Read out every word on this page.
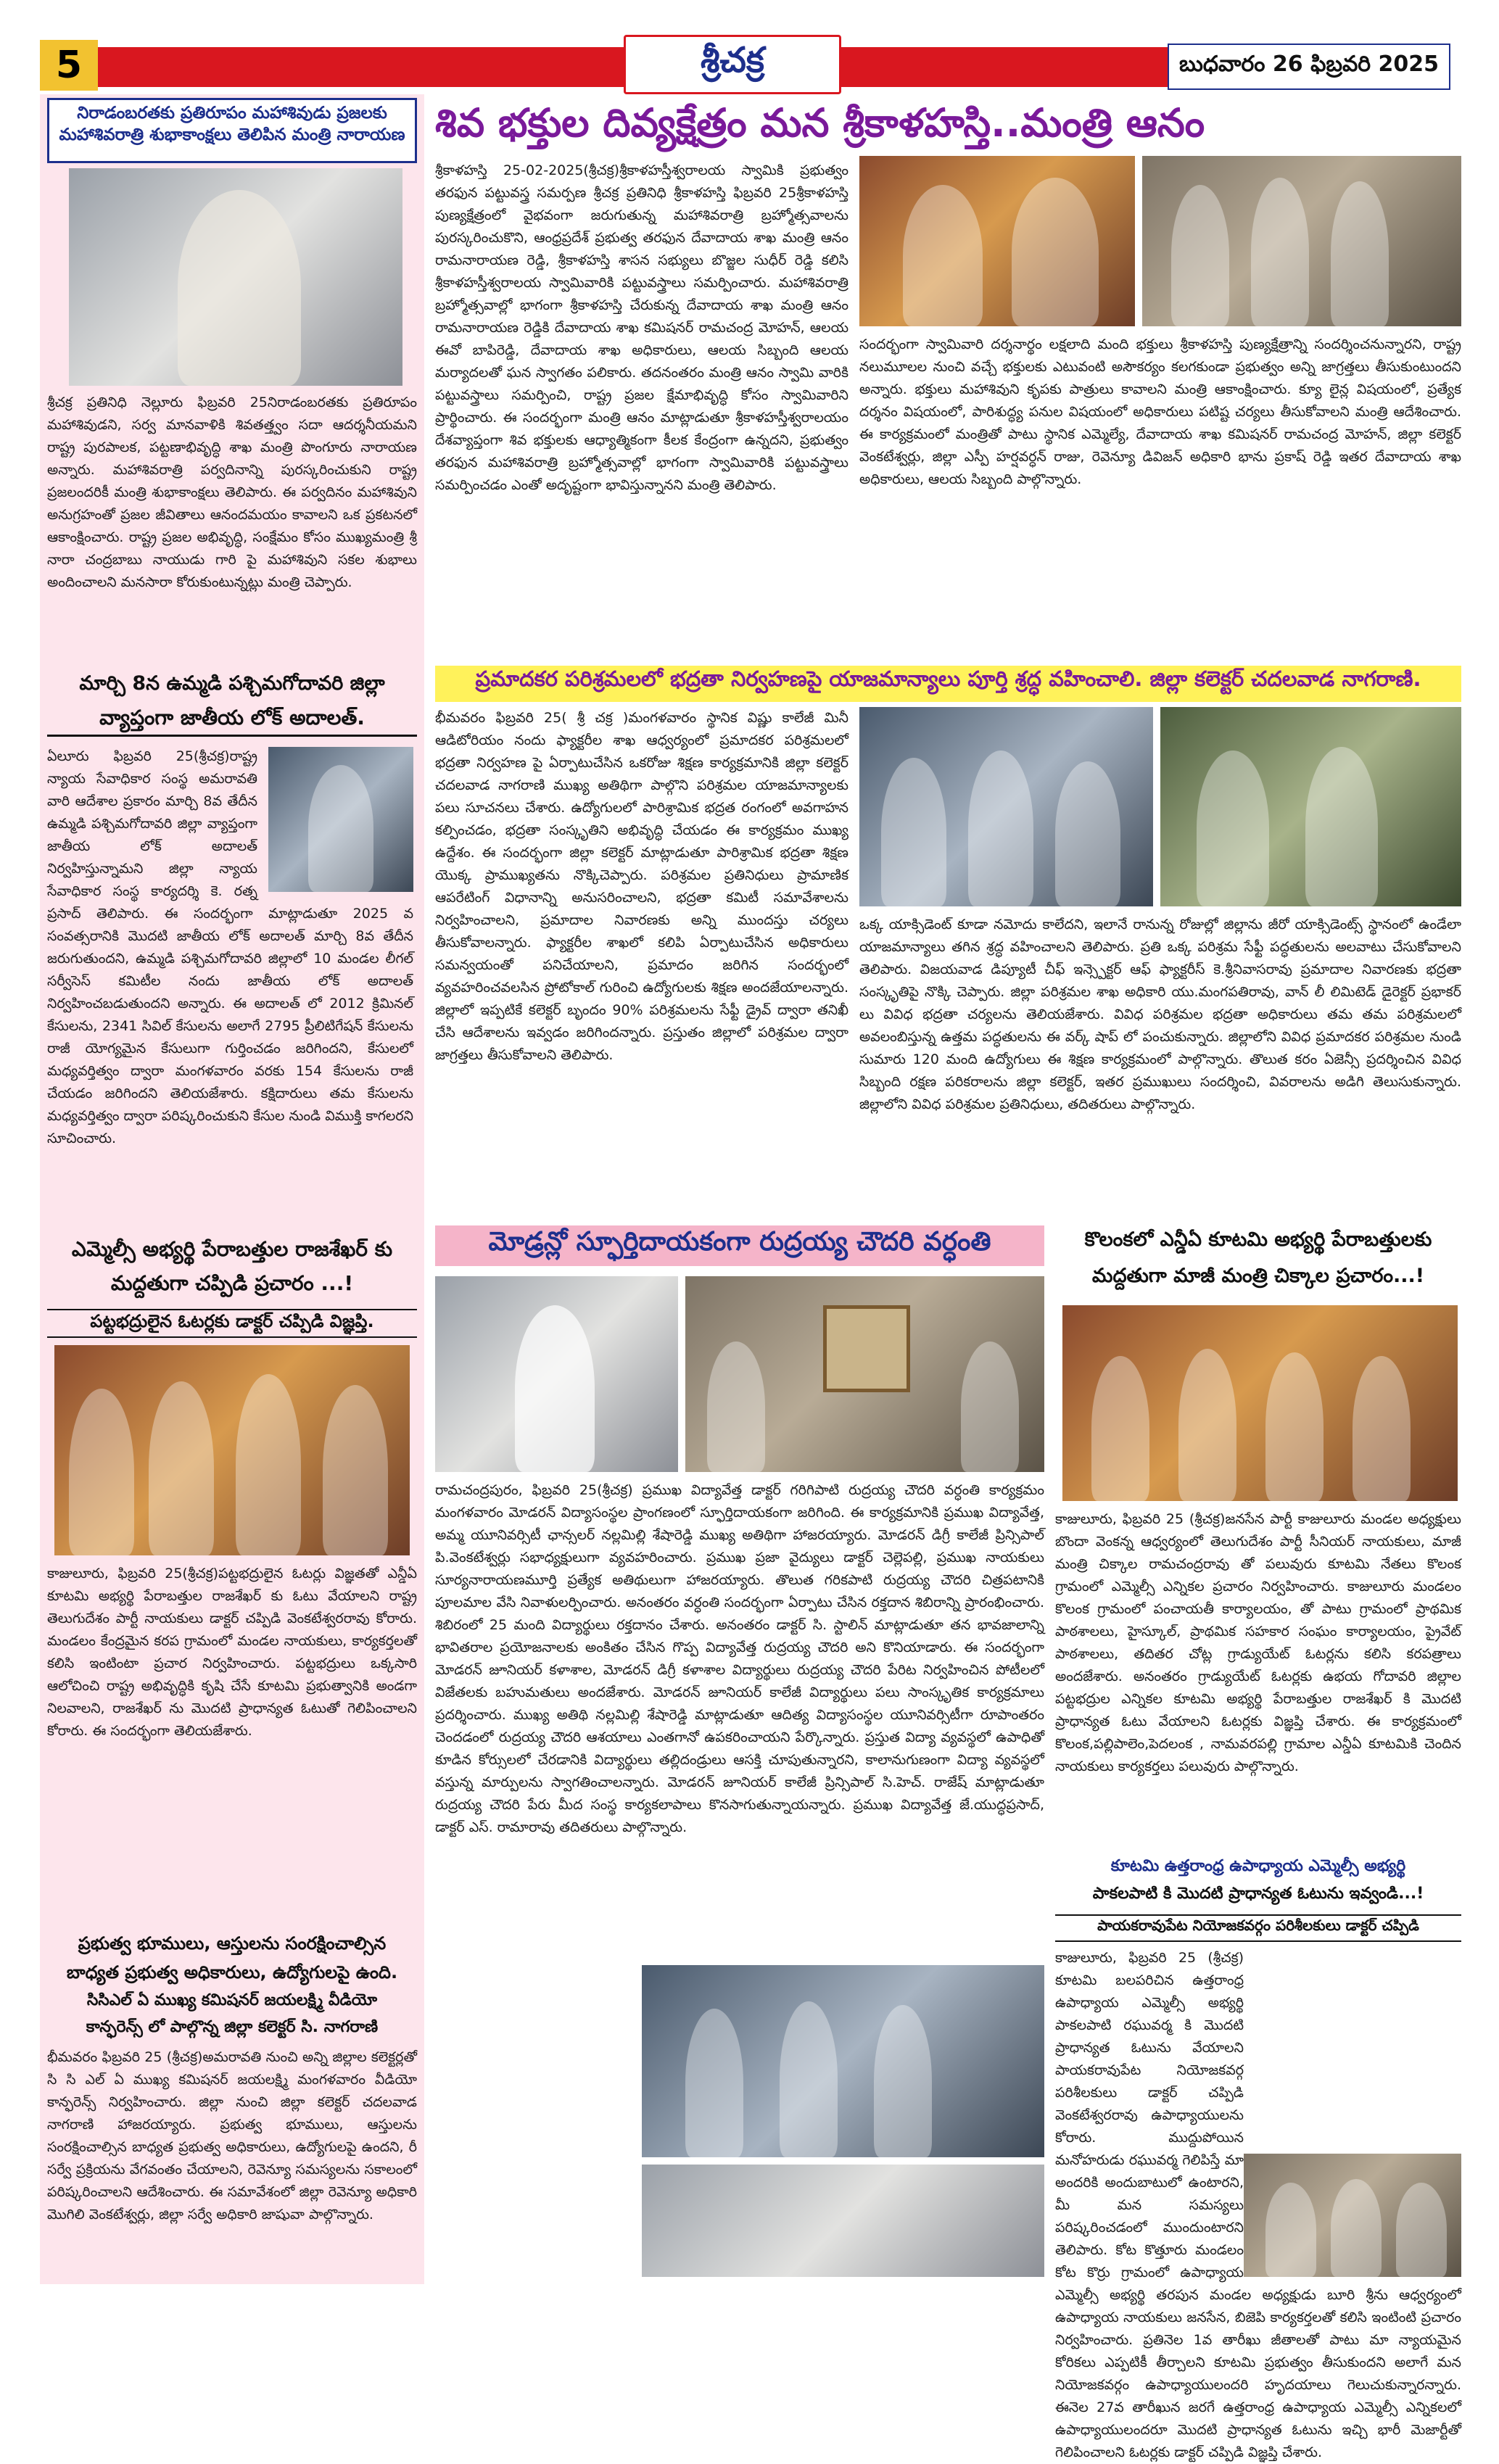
5	శ్రీచక్ర	బుధవారం 26 ఫిబ్రవరి 2025
నిరాడంబరతకు ప్రతిరూపం మహాశివుడు ప్రజలకు మహాశివరాత్రి శుభాకాంక్షలు తెలిపిన మంత్రి నారాయణ
శ్రీచక్ర ప్రతినిధి నెల్లూరు ఫిబ్రవరి 25నిరాడంబరతకు ప్రతిరూపం మహాశివుడని, సర్వ మానవాళికి శివతత్త్వం సదా ఆదర్శనీయమని రాష్ట్ర పురపాలక, పట్టణాభివృద్ధి శాఖ మంత్రి పొంగూరు నారాయణ అన్నారు. మహాశివరాత్రి పర్వదినాన్ని పురస్కరించుకుని రాష్ట్ర ప్రజలందరికీ మంత్రి శుభాకాంక్షలు తెలిపారు. ఈ పర్వదినం మహాశివుని అనుగ్రహంతో ప్రజల జీవితాలు ఆనందమయం కావాలని ఒక ప్రకటనలో ఆకాంక్షించారు. రాష్ట్ర ప్రజల అభివృద్ధి, సంక్షేమం కోసం ముఖ్యమంత్రి శ్రీ నారా చంద్రబాబు నాయుడు గారి పై మహాశివుని సకల శుభాలు అందించాలని మనసారా కోరుకుంటున్నట్లు మంత్రి చెప్పారు.
మార్చి 8న ఉమ్మడి పశ్చిమగోదావరి జిల్లా
వ్యాప్తంగా జాతీయ లోక్ అదాలత్.
ఏలూరు ఫిబ్రవరి 25(శ్రీచక్ర)రాష్ట్ర న్యాయ సేవాధికార సంస్థ అమరావతి వారి ఆదేశాల ప్రకారం మార్చి 8వ తేదీన ఉమ్మడి పశ్చిమగోదావరి జిల్లా వ్యాప్తంగా జాతీయ లోక్ అదాలత్ నిర్వహిస్తున్నామని జిల్లా న్యాయ సేవాధికార సంస్థ కార్యదర్శి కె. రత్న ప్రసాద్ తెలిపారు. ఈ సందర్భంగా మాట్లాడుతూ 2025 వ సంవత్సరానికి మొదటి జాతీయ లోక్ అదాలత్ మార్చి 8వ తేదీన జరుగుతుందని, ఉమ్మడి పశ్చిమగోదావరి జిల్లాలో 10 మండల లీగల్ సర్వీసెస్ కమిటీల నందు జాతీయ లోక్ అదాలత్ నిర్వహించబడుతుందని అన్నారు. ఈ అదాలత్ లో 2012 క్రిమినల్ కేసులను, 2341 సివిల్ కేసులను అలాగే 2795 ప్రీలిటిగేషన్ కేసులను రాజీ యోగ్యమైన కేసులుగా గుర్తించడం జరిగిందని, కేసులలో మధ్యవర్తిత్వం ద్వారా మంగళవారం వరకు 154 కేసులను రాజీ చేయడం జరిగిందని తెలియజేశారు. కక్షిదారులు తమ కేసులను మధ్యవర్తిత్వం ద్వారా పరిష్కరించుకుని కేసుల నుండి విముక్తి కాగలరని సూచించారు.
ఎమ్మెల్సీ అభ్యర్థి పేరాబత్తుల రాజశేఖర్ కు
మద్దతుగా చప్పిడి ప్రచారం ...!
పట్టభద్రులైన ఓటర్లకు డాక్టర్ చప్పిడి విజ్ఞప్తి.
కాజులూరు, ఫిబ్రవరి 25(శ్రీచక్ర)పట్టభద్రులైన ఓటర్లు విజ్ఞతతో ఎన్డీఏ కూటమి అభ్యర్థి పేరాబత్తుల రాజశేఖర్ కు ఓటు వేయాలని రాష్ట్ర తెలుగుదేశం పార్టీ నాయకులు డాక్టర్ చప్పిడి వెంకటేశ్వరరావు కోరారు. మండలం కేంద్రమైన కరప గ్రామంలో మండల నాయకులు, కార్యకర్తలతో కలిసి ఇంటింటా ప్రచార నిర్వహించారు. పట్టభద్రులు ఒక్కసారి ఆలోచించి రాష్ట్ర అభివృద్ధికి కృషి చేసే కూటమి ప్రభుత్వానికి అండగా నిలవాలని, రాజశేఖర్ ను మొదటి ప్రాధాన్యత ఓటుతో గెలిపించాలని కోరారు. ఈ సందర్భంగా తెలియజేశారు.
ప్రభుత్వ భూములు, ఆస్తులను సంరక్షించాల్సిన
బాధ్యత ప్రభుత్వ అధికారులు, ఉద్యోగులపై ఉంది.
సిసిఎల్ ఏ ముఖ్య కమిషనర్ జయలక్ష్మి వీడియో
కాన్ఫరెన్స్ లో పాల్గొన్న జిల్లా కలెక్టర్ సి. నాగరాణి
భీమవరం ఫిబ్రవరి 25 (శ్రీచక్ర)అమరావతి నుంచి అన్ని జిల్లాల కలెక్టర్లతో సి సి ఎల్ ఏ ముఖ్య కమిషనర్ జయలక్ష్మి మంగళవారం వీడియో కాన్ఫరెన్స్ నిర్వహించారు. జిల్లా నుంచి జిల్లా కలెక్టర్ చదలవాడ నాగరాణి హాజరయ్యారు. ప్రభుత్వ భూములు, ఆస్తులను సంరక్షించాల్సిన బాధ్యత ప్రభుత్వ అధికారులు, ఉద్యోగులపై ఉందని, రీ సర్వే ప్రక్రియను వేగవంతం చేయాలని, రెవెన్యూ సమస్యలను సకాలంలో పరిష్కరించాలని ఆదేశించారు. ఈ సమావేశంలో జిల్లా రెవెన్యూ అధికారి మొగిలి వెంకటేశ్వర్లు, జిల్లా సర్వే అధికారి జాషువా పాల్గొన్నారు.
శివ భక్తుల దివ్యక్షేత్రం మన శ్రీకాళహస్తి..మంత్రి ఆనం
శ్రీకాళహస్తి 25-02-2025(శ్రీచక్ర)శ్రీకాళహస్తీశ్వరాలయ స్వామికి ప్రభుత్వం తరఫున పట్టువస్త్ర సమర్పణ శ్రీచక్ర ప్రతినిధి శ్రీకాళహస్తి ఫిబ్రవరి 25శ్రీకాళహస్తి పుణ్యక్షేత్రంలో వైభవంగా జరుగుతున్న మహాశివరాత్రి బ్రహ్మోత్సవాలను పురస్కరించుకొని, ఆంధ్రప్రదేశ్ ప్రభుత్వ తరఫున దేవాదాయ శాఖ మంత్రి ఆనం రామనారాయణ రెడ్డి, శ్రీకాళహస్తి శాసన సభ్యులు బొజ్జల సుధీర్ రెడ్డి కలిసి శ్రీకాళహస్తీశ్వరాలయ స్వామివారికి పట్టువస్త్రాలు సమర్పించారు. మహాశివరాత్రి బ్రహ్మోత్సవాల్లో భాగంగా శ్రీకాళహస్తి చేరుకున్న దేవాదాయ శాఖ మంత్రి ఆనం రామనారాయణ రెడ్డికి దేవాదాయ శాఖ కమిషనర్ రామచంద్ర మోహన్, ఆలయ ఈవో బాపిరెడ్డి, దేవాదాయ శాఖ అధికారులు, ఆలయ సిబ్బంది ఆలయ మర్యాదలతో ఘన స్వాగతం పలికారు. తదనంతరం మంత్రి ఆనం స్వామి వారికి పట్టువస్త్రాలు సమర్పించి, రాష్ట్ర ప్రజల క్షేమాభివృద్ధి కోసం స్వామివారిని ప్రార్థించారు. ఈ సందర్భంగా మంత్రి ఆనం మాట్లాడుతూ శ్రీకాళహస్తీశ్వరాలయం దేశవ్యాప్తంగా శివ భక్తులకు ఆధ్యాత్మికంగా కీలక కేంద్రంగా ఉన్నదని, ప్రభుత్వం తరఫున మహాశివరాత్రి బ్రహ్మోత్సవాల్లో భాగంగా స్వామివారికి పట్టువస్త్రాలు సమర్పించడం ఎంతో అదృష్టంగా భావిస్తున్నానని మంత్రి తెలిపారు.
సందర్భంగా స్వామివారి దర్శనార్థం లక్షలాది మంది భక్తులు శ్రీకాళహస్తి పుణ్యక్షేత్రాన్ని సందర్శించనున్నారని, రాష్ట్ర నలుమూలల నుంచి వచ్చే భక్తులకు ఎటువంటి అసౌకర్యం కలగకుండా ప్రభుత్వం అన్ని జాగ్రత్తలు తీసుకుంటుందని అన్నారు. భక్తులు మహాశివుని కృపకు పాత్రులు కావాలని మంత్రి ఆకాంక్షించారు. క్యూ లైన్ల విషయంలో, ప్రత్యేక దర్శనం విషయంలో, పారిశుద్ధ్య పనుల విషయంలో అధికారులు పటిష్ట చర్యలు తీసుకోవాలని మంత్రి ఆదేశించారు. ఈ కార్యక్రమంలో మంత్రితో పాటు స్థానిక ఎమ్మెల్యే, దేవాదాయ శాఖ కమిషనర్ రామచంద్ర మోహన్, జిల్లా కలెక్టర్ వెంకటేశ్వర్లు, జిల్లా ఎస్పీ హర్షవర్ధన్ రాజు, రెవెన్యూ డివిజన్ అధికారి భాను ప్రకాష్ రెడ్డి ఇతర దేవాదాయ శాఖ అధికారులు, ఆలయ సిబ్బంది పాల్గొన్నారు.
ప్రమాదకర పరిశ్రమలలో భద్రతా నిర్వహణపై యాజమాన్యాలు పూర్తి శ్రద్ధ వహించాలి. జిల్లా కలెక్టర్ చదలవాడ నాగరాణి.
భీమవరం ఫిబ్రవరి 25( శ్రీ చక్ర )మంగళవారం స్థానిక విష్ణు కాలేజీ మినీ ఆడిటోరియం నందు ఫ్యాక్టరీల శాఖ ఆధ్వర్యంలో ప్రమాదకర పరిశ్రమలలో భద్రతా నిర్వహణ పై ఏర్పాటుచేసిన ఒకరోజు శిక్షణ కార్యక్రమానికి జిల్లా కలెక్టర్ చదలవాడ నాగరాణి ముఖ్య అతిథిగా పాల్గొని పరిశ్రమల యాజమాన్యాలకు పలు సూచనలు చేశారు. ఉద్యోగులలో పారిశ్రామిక భద్రత రంగంలో అవగాహన కల్పించడం, భద్రతా సంస్కృతిని అభివృద్ధి చేయడం ఈ కార్యక్రమం ముఖ్య ఉద్దేశం. ఈ సందర్భంగా జిల్లా కలెక్టర్ మాట్లాడుతూ పారిశ్రామిక భద్రతా శిక్షణ యొక్క ప్రాముఖ్యతను నొక్కిచెప్పారు. పరిశ్రమల ప్రతినిధులు ప్రామాణిక ఆపరేటింగ్ విధానాన్ని అనుసరించాలని, భద్రతా కమిటీ సమావేశాలను నిర్వహించాలని, ప్రమాదాల నివారణకు అన్ని ముందస్తు చర్యలు తీసుకోవాలన్నారు. ఫ్యాక్టరీల శాఖలో కలిపి ఏర్పాటుచేసిన అధికారులు సమన్వయంతో పనిచేయాలని, ప్రమాదం జరిగిన సందర్భంలో వ్యవహరించవలసిన ప్రోటోకాల్ గురించి ఉద్యోగులకు శిక్షణ అందజేయాలన్నారు. జిల్లాలో ఇప్పటికే కలెక్టర్ బృందం 90% పరిశ్రమలను సేఫ్టీ డ్రైవ్ ద్వారా తనిఖీ చేసి ఆదేశాలను ఇవ్వడం జరిగిందన్నారు. ప్రస్తుతం జిల్లాలో పరిశ్రమల ద్వారా జాగ్రత్తలు తీసుకోవాలని తెలిపారు.
ఒక్క యాక్సిడెంట్ కూడా నమోదు కాలేదని, ఇలానే రానున్న రోజుల్లో జిల్లాను జీరో యాక్సిడెంట్స్ స్థానంలో ఉండేలా యాజమాన్యాలు తగిన శ్రద్ధ వహించాలని తెలిపారు. ప్రతి ఒక్క పరిశ్రమ సేఫ్టీ పద్ధతులను అలవాటు చేసుకోవాలని తెలిపారు. విజయవాడ డిప్యూటీ చీఫ్ ఇన్స్పెక్టర్ ఆఫ్ ఫ్యాక్టరీస్ కె.శ్రీనివాసరావు ప్రమాదాల నివారణకు భద్రతా సంస్కృతిపై నొక్కి చెప్పారు. జిల్లా పరిశ్రమల శాఖ అధికారి యు.మంగపతిరావు, వాన్ లీ లిమిటెడ్ డైరెక్టర్ ప్రభాకర్ లు వివిధ భద్రతా చర్యలను తెలియజేశారు. వివిధ పరిశ్రమల భద్రతా అధికారులు తమ తమ పరిశ్రమలలో అవలంబిస్తున్న ఉత్తమ పద్ధతులను ఈ వర్క్ షాప్ లో పంచుకున్నారు. జిల్లాలోని వివిధ ప్రమాదకర పరిశ్రమల నుండి సుమారు 120 మంది ఉద్యోగులు ఈ శిక్షణ కార్యక్రమంలో పాల్గొన్నారు. తొలుత కరం ఏజెన్సీ ప్రదర్శించిన వివిధ సిబ్బంది రక్షణ పరికరాలను జిల్లా కలెక్టర్, ఇతర ప్రముఖులు సందర్శించి, వివరాలను అడిగి తెలుసుకున్నారు. జిల్లాలోని వివిధ పరిశ్రమల ప్రతినిధులు, తదితరులు పాల్గొన్నారు.
మోడ్రన్లో స్ఫూర్తిదాయకంగా రుద్రయ్య చౌదరి వర్ధంతి
రామచంద్రపురం, ఫిబ్రవరి 25(శ్రీచక్ర) ప్రముఖ విద్యావేత్త డాక్టర్ గరిగిపాటి రుద్రయ్య చౌదరి వర్ధంతి కార్యక్రమం మంగళవారం మోడరన్ విద్యాసంస్థల ప్రాంగణంలో స్ఫూర్తిదాయకంగా జరిగింది. ఈ కార్యక్రమానికి ప్రముఖ విద్యావేత్త, అమ్మ యూనివర్సిటీ ఛాన్సలర్ నల్లమిల్లి శేషారెడ్డి ముఖ్య అతిథిగా హాజరయ్యారు. మోడరన్ డిగ్రీ కాలేజీ ప్రిన్సిపాల్ పి.వెంకటేశ్వర్లు సభాధ్యక్షులుగా వ్యవహరించారు. ప్రముఖ ప్రజా వైద్యులు డాక్టర్ చెల్లెపల్లి, ప్రముఖ నాయకులు సూర్యనారాయణమూర్తి ప్రత్యేక అతిథులుగా హాజరయ్యారు. తొలుత గరికపాటి రుద్రయ్య చౌదరి చిత్రపటానికి పూలమాల వేసి నివాళులర్పించారు. అనంతరం వర్ధంతి సందర్భంగా ఏర్పాటు చేసిన రక్తదాన శిబిరాన్ని ప్రారంభించారు. శిబిరంలో 25 మంది విద్యార్థులు రక్తదానం చేశారు. అనంతరం డాక్టర్ సి. స్టాలిన్ మాట్లాడుతూ తన భావజాలాన్ని భావితరాల ప్రయోజనాలకు అంకితం చేసిన గొప్ప విద్యావేత్త రుద్రయ్య చౌదరి అని కొనియాడారు. ఈ సందర్భంగా మోడరన్ జూనియర్ కళాశాల, మోడరన్ డిగ్రీ కళాశాల విద్యార్థులు రుద్రయ్య చౌదరి పేరిట నిర్వహించిన పోటీలలో విజేతలకు బహుమతులు అందజేశారు. మోడరన్ జూనియర్ కాలేజీ విద్యార్థులు పలు సాంస్కృతిక కార్యక్రమాలు ప్రదర్శించారు. ముఖ్య అతిథి నల్లమిల్లి శేషారెడ్డి మాట్లాడుతూ ఆదిత్య విద్యాసంస్థల యూనివర్సిటీగా రూపాంతరం చెందడంలో రుద్రయ్య చౌదరి ఆశయాలు ఎంతగానో ఉపకరించాయని పేర్కొన్నారు. ప్రస్తుత విద్యా వ్యవస్థలో ఉపాధితో కూడిన కోర్సులలో చేరడానికి విద్యార్థులు తల్లిదండ్రులు ఆసక్తి చూపుతున్నారని, కాలానుగుణంగా విద్యా వ్యవస్థలో వస్తున్న మార్పులను స్వాగతించాలన్నారు. మోడరన్ జూనియర్ కాలేజీ ప్రిన్సిపాల్ సి.హెచ్. రాజేష్ మాట్లాడుతూ రుద్రయ్య చౌదరి పేరు మీద సంస్థ కార్యకలాపాలు కొనసాగుతున్నాయన్నారు. ప్రముఖ విద్యావేత్త జే.యుద్ధప్రసాద్, డాక్టర్ ఎస్. రామారావు తదితరులు పాల్గొన్నారు.
కొలంకలో ఎన్డీఏ కూటమి అభ్యర్థి పేరాబత్తులకు
మద్దతుగా మాజీ మంత్రి చిక్కాల ప్రచారం...!
కాజులూరు, ఫిబ్రవరి 25 (శ్రీచక్ర)జనసేన పార్టీ కాజులూరు మండల అధ్యక్షులు బొందా వెంకన్న ఆధ్వర్యంలో తెలుగుదేశం పార్టీ సీనియర్ నాయకులు, మాజీ మంత్రి చిక్కాల రామచంద్రరావు తో పలువురు కూటమి నేతలు కొలంక గ్రామంలో ఎమ్మెల్సీ ఎన్నికల ప్రచారం నిర్వహించారు. కాజులూరు మండలం కొలంక గ్రామంలో పంచాయతీ కార్యాలయం, తో పాటు గ్రామంలో ప్రాథమిక పాఠశాలలు, హైస్కూల్, ప్రాథమిక సహకార సంఘం కార్యాలయం, ప్రైవేట్ పాఠశాలలు, తదితర చోట్ల గ్రాడ్యుయేట్ ఓటర్లను కలిసి కరపత్రాలు అందజేశారు. అనంతరం గ్రాడ్యుయేట్ ఓటర్లకు ఉభయ గోదావరి జిల్లాల పట్టభద్రుల ఎన్నికల కూటమి అభ్యర్థి పేరాబత్తుల రాజశేఖర్ కి మొదటి ప్రాధాన్యత ఓటు వేయాలని ఓటర్లకు విజ్ఞప్తి చేశారు. ఈ కార్యక్రమంలో కొలంక,పల్లిపాలెం,పెదలంక , నామవరపల్లి గ్రామాల ఎన్డీఏ కూటమికి చెందిన నాయకులు కార్యకర్తలు పలువురు పాల్గొన్నారు.
కూటమి ఉత్తరాంధ్ర ఉపాధ్యాయ ఎమ్మెల్సీ అభ్యర్థి
పాకలపాటి కి మొదటి ప్రాధాన్యత ఓటును ఇవ్వండి...!
పాయకరావుపేట నియోజకవర్గం పరిశీలకులు డాక్టర్ చప్పిడి
కాజులూరు, ఫిబ్రవరి 25 (శ్రీచక్ర) కూటమి బలపరిచిన ఉత్తరాంధ్ర ఉపాధ్యాయ ఎమ్మెల్సీ అభ్యర్థి పాకలపాటి రఘువర్మ కి మొదటి ప్రాధాన్యత ఓటును వేయాలని పాయకరావుపేట నియోజకవర్గ పరిశీలకులు డాక్టర్ చప్పిడి వెంకటేశ్వరరావు ఉపాధ్యాయులను కోరారు. ముద్దుపోయిన మనోహరుడు రఘువర్మ గెలిపిస్తే మా అందరికి అందుబాటులో ఉంటారని, మీ మన సమస్యలు పరిష్కరించడంలో ముందుంటారని తెలిపారు. కోట కొత్తూరు మండలం కోట కొర్రు గ్రామంలో ఉపాధ్యాయ ఎమ్మెల్సీ అభ్యర్థి తరపున మండల అధ్యక్షుడు బూరి శ్రీను ఆధ్వర్యంలో ఉపాధ్యాయ నాయకులు జనసేన, బిజెపి కార్యకర్తలతో కలిసి ఇంటింటి ప్రచారం నిర్వహించారు. ప్రతినెల 1వ తారీఖు జీతాలతో పాటు మా న్యాయమైన కోరికలు ఎప్పటికీ తీర్చాలని కూటమి ప్రభుత్వం తీసుకుందని అలాగే మన నియోజకవర్గం ఉపాధ్యాయులందరి హృదయాలు గెలుచుకున్నారన్నారు. ఈనెల 27వ తారీఖున జరగే ఉత్తరాంధ్ర ఉపాధ్యాయ ఎమ్మెల్సీ ఎన్నికలలో ఉపాధ్యాయులందరూ మొదటి ప్రాధాన్యత ఓటును ఇచ్చి భారీ మెజార్టీతో గెలిపించాలని ఓటర్లకు డాక్టర్ చప్పిడి విజ్ఞప్తి చేశారు.
